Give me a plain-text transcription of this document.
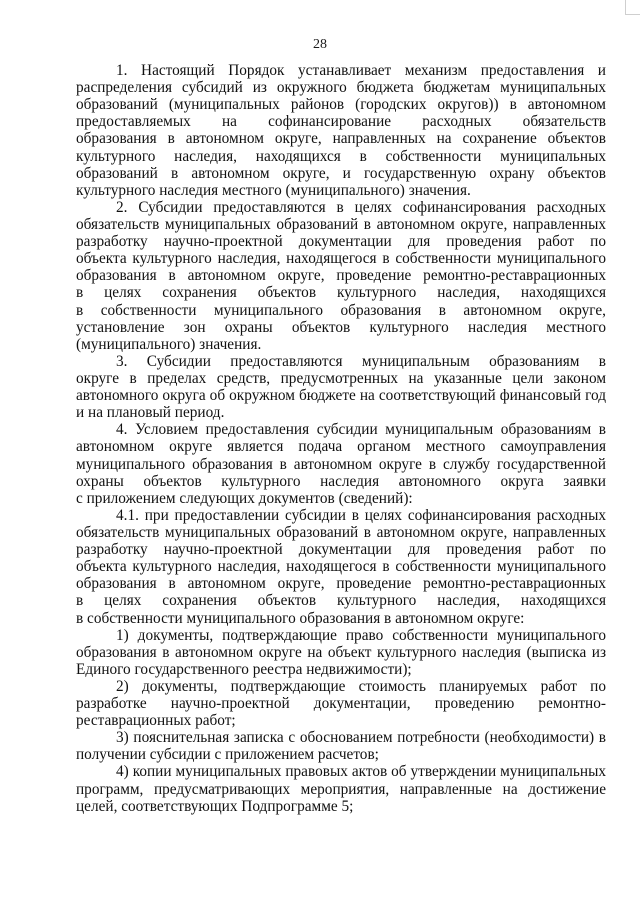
28
1. Настоящий Порядок устанавливает механизм предоставления и
распределения субсидий из окружного бюджета бюджетам муниципальных
образований (муниципальных районов (городских округов)) в автономном
предоставляемых на софинансирование расходных обязательств
образования в автономном округе, направленных на сохранение объектов
культурного наследия, находящихся в собственности муниципальных
образований в автономном округе, и государственную охрану объектов
культурного наследия местного (муниципального) значения.
2. Субсидии предоставляются в целях софинансирования расходных
обязательств муниципальных образований в автономном округе, направленных
разработку научно-проектной документации для проведения работ по
объекта культурного наследия, находящегося в собственности муниципального
образования в автономном округе, проведение ремонтно-реставрационных
в целях сохранения объектов культурного наследия, находящихся
в собственности муниципального образования в автономном округе,
установление зон охраны объектов культурного наследия местного
(муниципального) значения.
3. Субсидии предоставляются муниципальным образованиям в
округе в пределах средств, предусмотренных на указанные цели законом
автономного округа об окружном бюджете на соответствующий финансовый год
и на плановый период.
4. Условием предоставления субсидии муниципальным образованиям в
автономном округе является подача органом местного самоуправления
муниципального образования в автономном округе в службу государственной
охраны объектов культурного наследия автономного округа заявки
с приложением следующих документов (сведений):
4.1. при предоставлении субсидии в целях софинансирования расходных
обязательств муниципальных образований в автономном округе, направленных
разработку научно-проектной документации для проведения работ по
объекта культурного наследия, находящегося в собственности муниципального
образования в автономном округе, проведение ремонтно-реставрационных
в целях сохранения объектов культурного наследия, находящихся
в собственности муниципального образования в автономном округе:
1) документы, подтверждающие право собственности муниципального
образования в автономном округе на объект культурного наследия (выписка из
Единого государственного реестра недвижимости);
2) документы, подтверждающие стоимость планируемых работ по
разработке научно-проектной документации, проведению ремонтно-
реставрационных работ;
3) пояснительная записка с обоснованием потребности (необходимости) в
получении субсидии с приложением расчетов;
4) копии муниципальных правовых актов об утверждении муниципальных
программ, предусматривающих мероприятия, направленные на достижение
целей, соответствующих Подпрограмме 5;
